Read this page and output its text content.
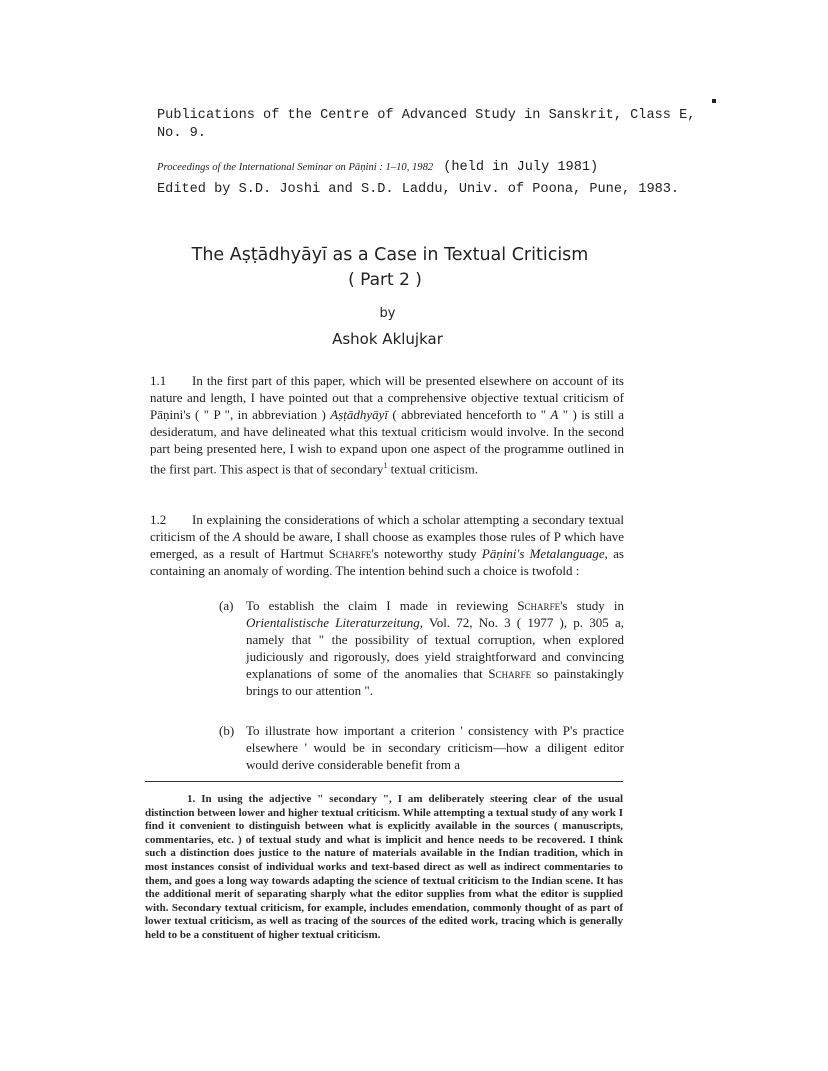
Publications of the Centre of Advanced Study in Sanskrit, Class E,
No. 9.
Proceedings of the International Seminar on Pāṇini : 1–10, 1982 (held in July 1981)
Edited by S.D. Joshi and S.D. Laddu, Univ. of Poona, Pune, 1983.
The Aṣṭādhyāyī as a Case in Textual Criticism
( Part 2 )
by
Ashok Aklujkar
1.1 In the first part of this paper, which will be presented elsewhere on account of its nature and length, I have pointed out that a comprehensive objective textual criticism of Pāṇini's ( " P ", in abbreviation ) Aṣṭādhyāyī ( abbreviated henceforth to " A " ) is still a desideratum, and have delineated what this textual criticism would involve. In the second part being presented here, I wish to expand upon one aspect of the programme outlined in the first part. This aspect is that of secondary$^1$ textual criticism.
1.2 In explaining the considerations of which a scholar attempting a secondary textual criticism of the A should be aware, I shall choose as examples those rules of P which have emerged, as a result of Hartmut Scharfe's noteworthy study Pāṇini's Metalanguage, as containing an anomaly of wording. The intention behind such a choice is twofold :
(a) To establish the claim I made in reviewing Scharfe's study in Orientalistische Literaturzeitung, Vol. 72, No. 3 ( 1977 ), p. 305 a, namely that " the possibility of textual corruption, when explored judiciously and rigorously, does yield straightforward and convincing explanations of some of the anomalies that Scharfe so painstakingly brings to our attention ".
(b) To illustrate how important a criterion ' consistency with P's practice elsewhere ' would be in secondary criticism—how a diligent editor would derive considerable benefit from a
1. In using the adjective " secondary ", I am deliberately steering clear of the usual distinction between lower and higher textual criticism. While attempting a textual study of any work I find it convenient to distinguish between what is explicitly available in the sources ( manuscripts, commentaries, etc. ) of textual study and what is implicit and hence needs to be recovered. I think such a distinction does justice to the nature of materials available in the Indian tradition, which in most instances consist of individual works and text-based direct as well as indirect commentaries to them, and goes a long way towards adapting the science of textual criticism to the Indian scene. It has the additional merit of separating sharply what the editor supplies from what the editor is supplied with. Secondary textual criticism, for example, includes emendation, commonly thought of as part of lower textual criticism, as well as tracing of the sources of the edited work, tracing which is generally held to be a constituent of higher textual criticism.
